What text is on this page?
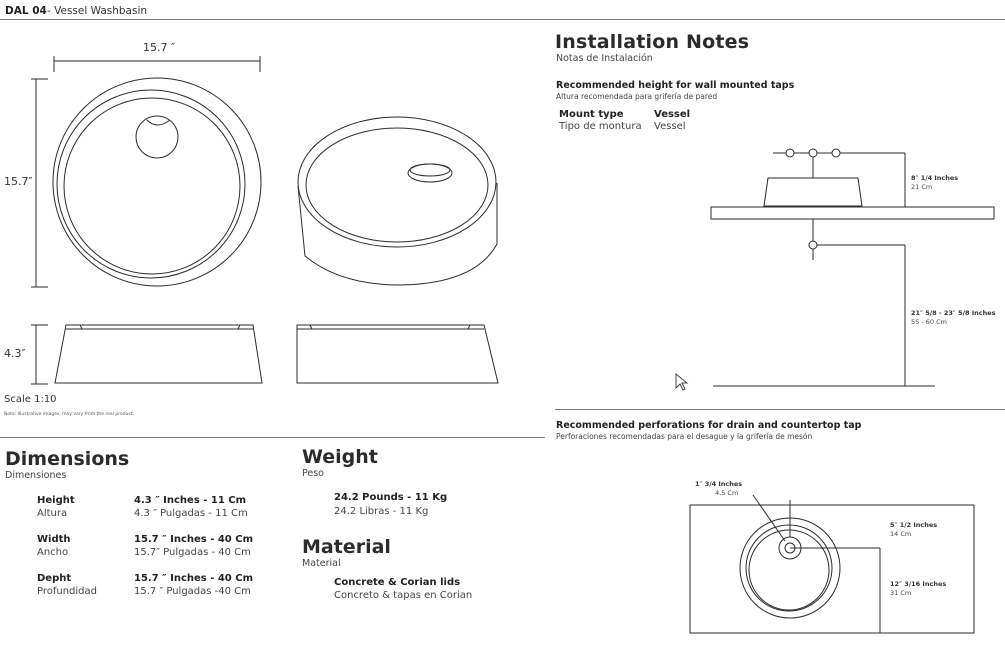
DAL 04 - Vessel Washbasin
15.7 ″
15.7″
4.3″
Scale 1:10
Note: Illustrative images, may vary from the real product.
Dimensions
Dimensiones
Height
Altura
4.3 ″ Inches - 11 Cm
4.3 ″ Pulgadas - 11 Cm
Width
Ancho
15.7 ″ Inches - 40 Cm
15.7″ Pulgadas - 40 Cm
Depht
Profundidad
15.7 ″ Inches - 40 Cm
15.7 ″ Pulgadas -40 Cm
Weight
Peso
24.2 Pounds - 11 Kg
24.2 Libras - 11 Kg
Material
Material
Concrete & Corian lids
Concreto & tapas en Corian
Installation Notes
Notas de Instalación
Recommended height for wall mounted taps
Altura recomendada para grifería de pared
Mount type
Tipo de montura
Vessel
Vessel
8″ 1/4 Inches
21 Cm
21″ 5/8 - 23″ 5/8 Inches
55 - 60 Cm
Recommended perforations for drain and countertop tap
Perforaciones recomendadas para el desague y la grifería de mesón
1″ 3/4 Inches
4.5 Cm
5″ 1/2 Inches
14 Cm
12″ 3/16 Inches
31 Cm
